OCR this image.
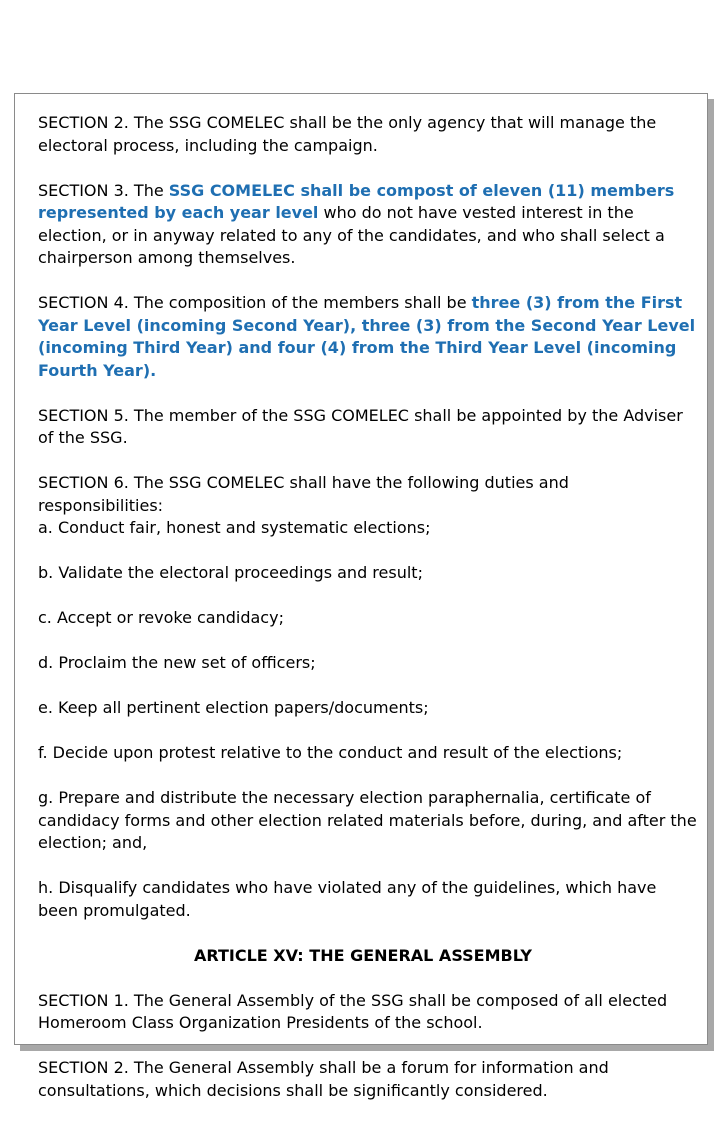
SECTION 2. The SSG COMELEC shall be the only agency that will manage the electoral process, including the campaign.

SECTION 3. The SSG COMELEC shall be compost of eleven (11) members represented by each year level who do not have vested interest in the election, or in anyway related to any of the candidates, and who shall select a chairperson among themselves.

SECTION 4. The composition of the members shall be three (3) from the First Year Level (incoming Second Year), three (3) from the Second Year Level (incoming Third Year) and four (4) from the Third Year Level (incoming Fourth Year).

SECTION 5. The member of the SSG COMELEC shall be appointed by the Adviser of the SSG.

SECTION 6. The SSG COMELEC shall have the following duties and responsibilities:
a. Conduct fair, honest and systematic elections;

b. Validate the electoral proceedings and result;

c. Accept or revoke candidacy;

d. Proclaim the new set of officers;

e. Keep all pertinent election papers/documents;

f. Decide upon protest relative to the conduct and result of the elections;

g. Prepare and distribute the necessary election paraphernalia, certificate of candidacy forms and other election related materials before, during, and after the election; and,

h. Disqualify candidates who have violated any of the guidelines, which have been promulgated.

ARTICLE XV: THE GENERAL ASSEMBLY

SECTION 1. The General Assembly of the SSG shall be composed of all elected Homeroom Class Organization Presidents of the school.

SECTION 2. The General Assembly shall be a forum for information and consultations, which decisions shall be significantly considered.
